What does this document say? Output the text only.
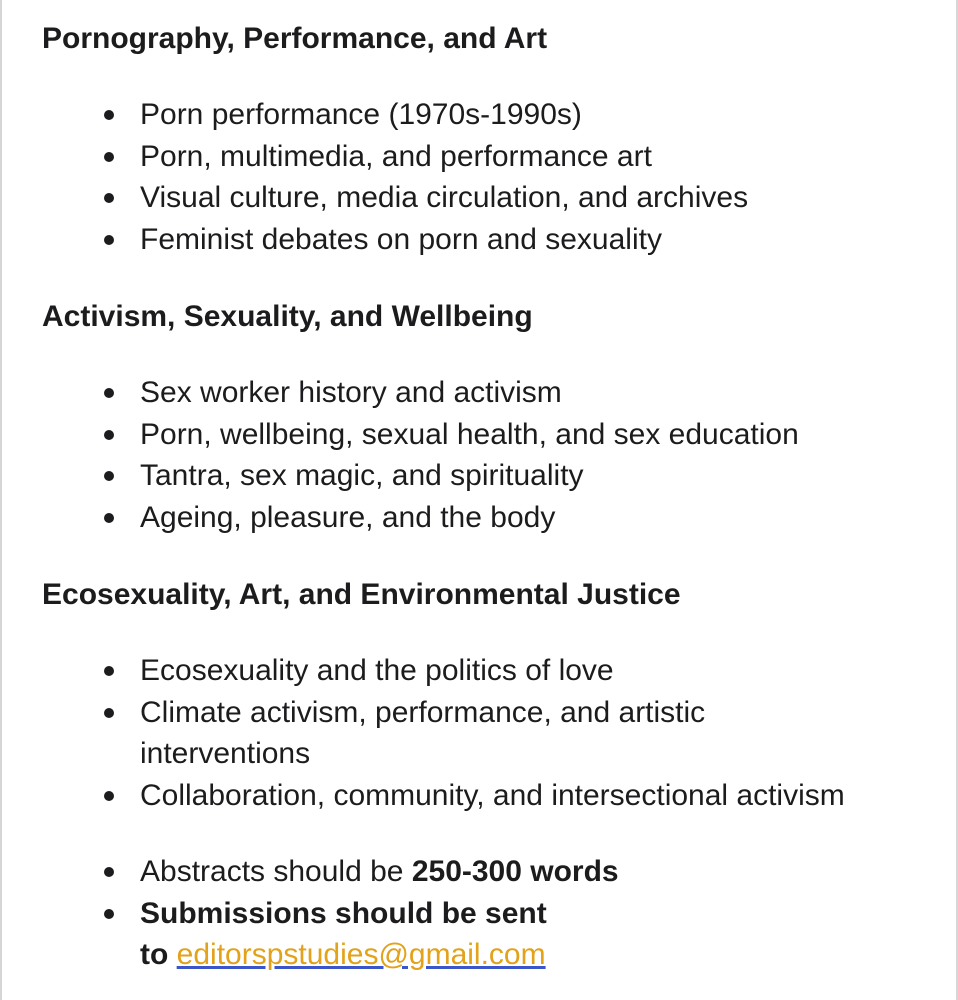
Pornography, Performance, and Art
Porn performance (1970s-1990s)
Porn, multimedia, and performance art
Visual culture, media circulation, and archives
Feminist debates on porn and sexuality
Activism, Sexuality, and Wellbeing
Sex worker history and activism
Porn, wellbeing, sexual health, and sex education
Tantra, sex magic, and spirituality
Ageing, pleasure, and the body
Ecosexuality, Art, and Environmental Justice
Ecosexuality and the politics of love
Climate activism, performance, and artistic
interventions
Collaboration, community, and intersectional activism
Abstracts should be 250-300 words
Submissions should be sent
to editorspstudies@gmail.com
